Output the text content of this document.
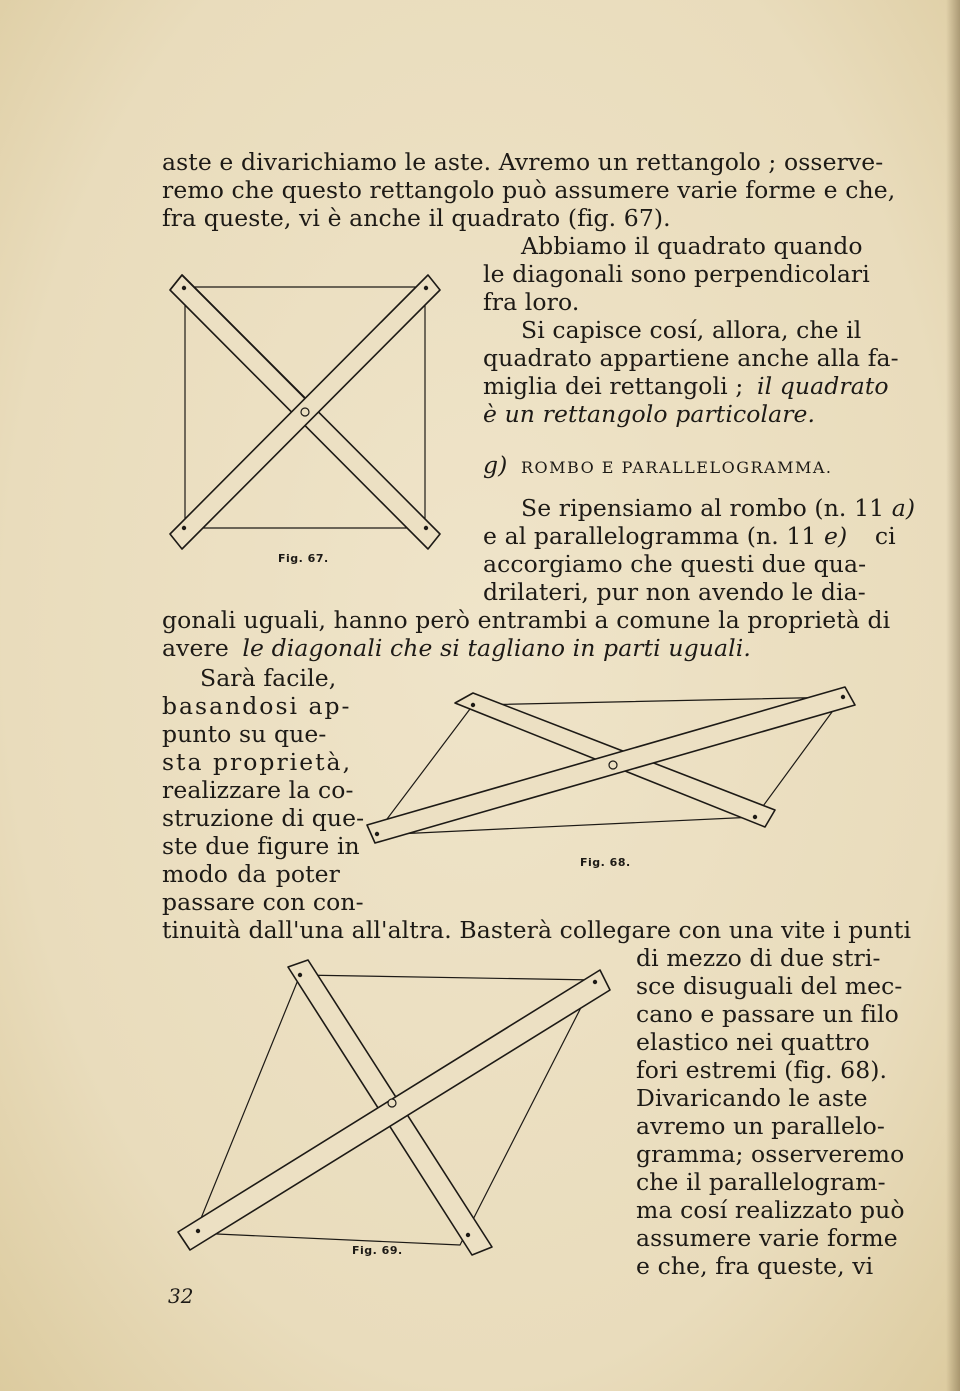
aste e divarichiamo le aste. Avremo un rettangolo ; osserve-
remo che questo rettangolo può assumere varie forme e che,
fra queste, vi è anche il quadrato (fig. 67).
Abbiamo il quadrato quando
le diagonali sono perpendicolari
fra loro.
Si capisce cosí, allora, che il
quadrato appartiene anche alla fa-
miglia dei rettangoli ; il quadrato
è un rettangolo particolare.
g) ROMBO E PARALLELOGRAMMA.
Se ripensiamo al rombo (n. 11 a)
e al parallelogramma (n. 11 e) ci
accorgiamo che questi due qua-
drilateri, pur non avendo le dia-
gonali uguali, hanno però entrambi a comune la proprietà di
avere le diagonali che si tagliano in parti uguali.
Sarà facile,
basandosi ap-
punto su que-
sta proprietà,
realizzare la co-
struzione di que-
ste due figure in
modo da poter
passare con con-
tinuità dall'una all'altra. Basterà collegare con una vite i punti
di mezzo di due stri-
sce disuguali del mec-
cano e passare un filo
elastico nei quattro
fori estremi (fig. 68).
Divaricando le aste
avremo un parallelo-
gramma; osserveremo
che il parallelogram-
ma cosí realizzato può
assumere varie forme
e che, fra queste, vi
Fig. 67.
Fig. 68.
Fig. 69.
32
